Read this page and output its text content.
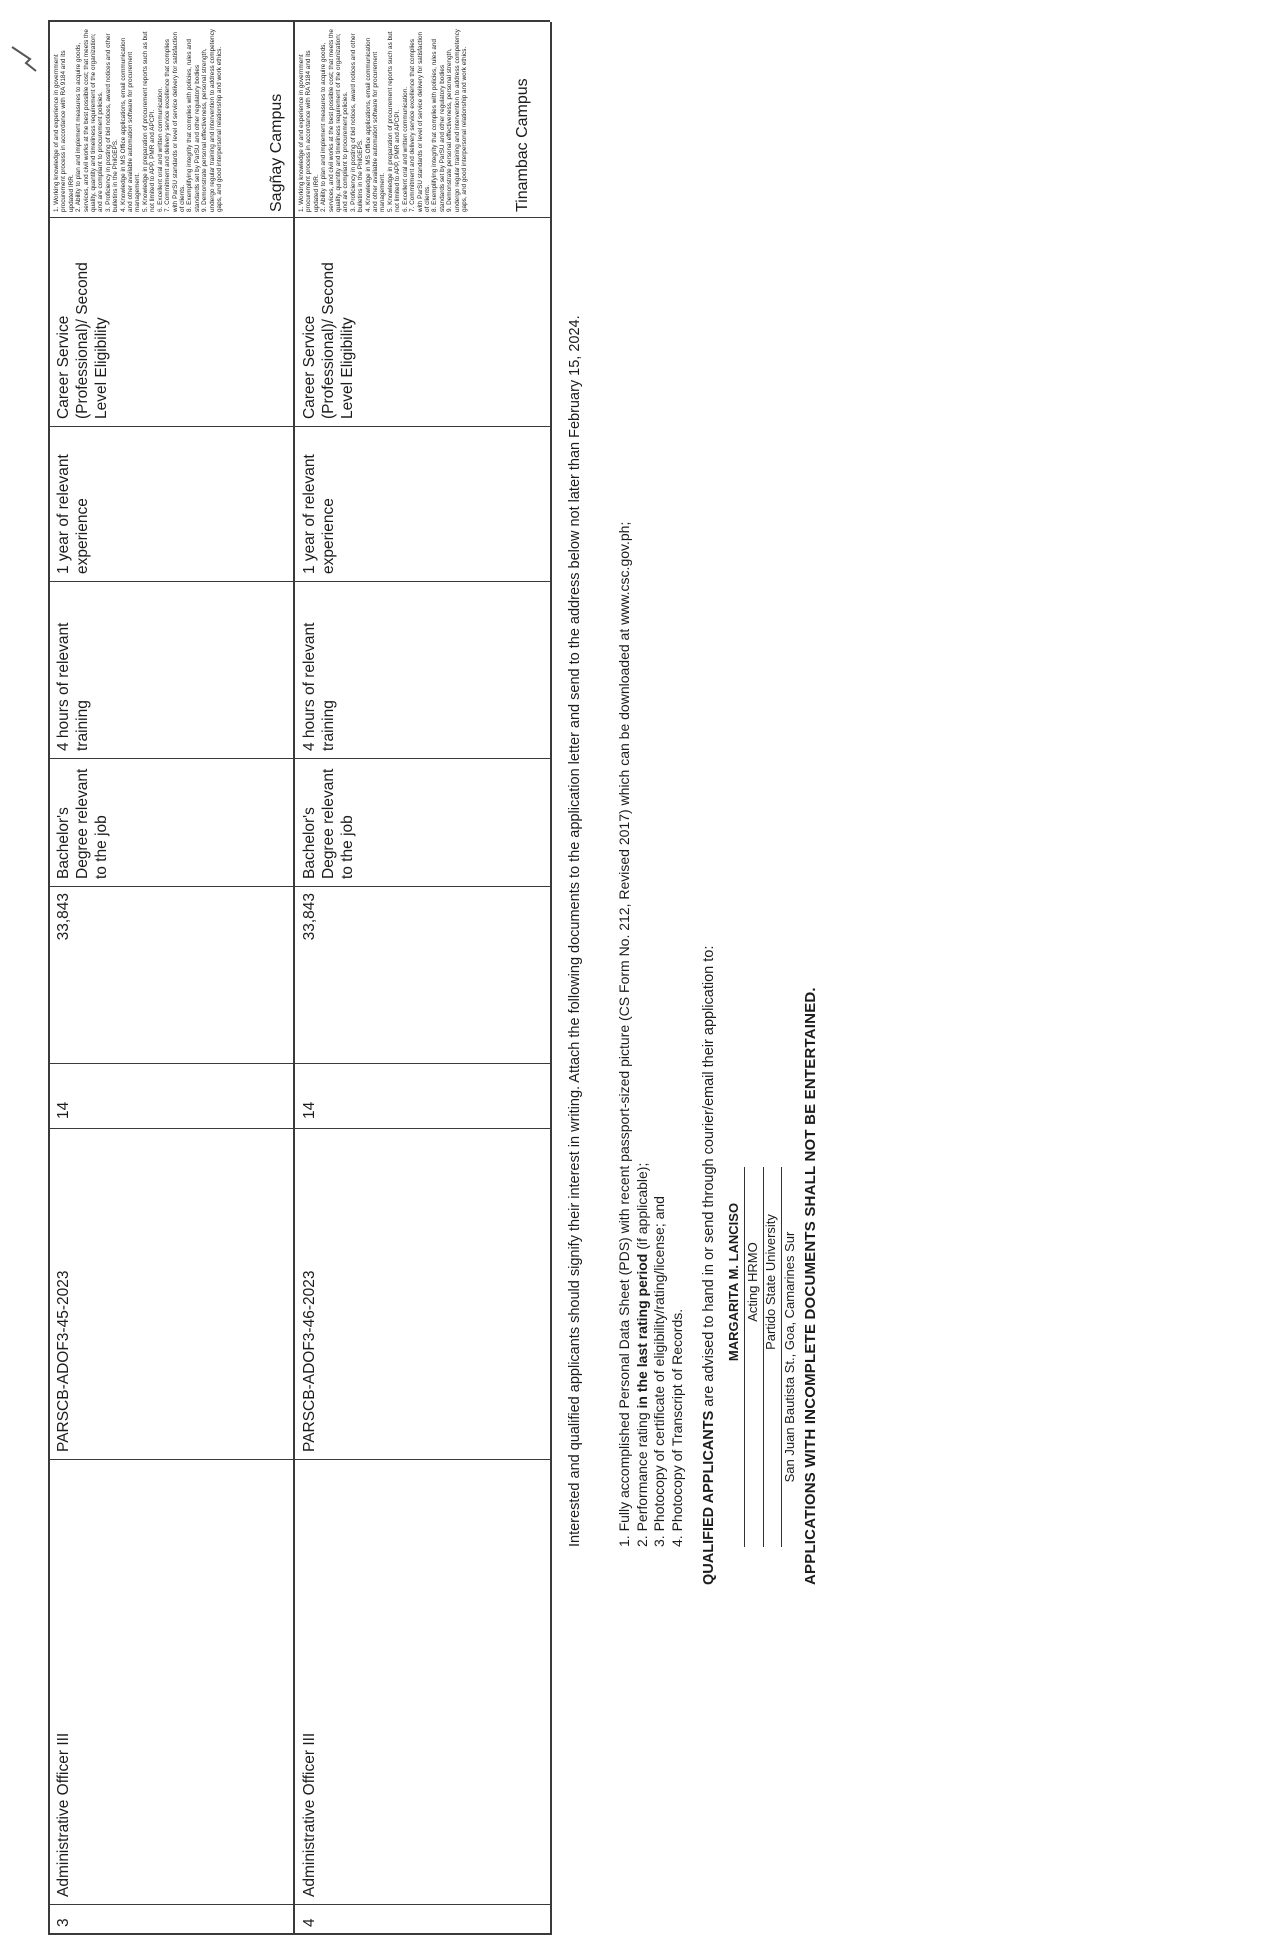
3
Administrative Officer III
PARSCB-ADOF3-45-2023
14
33,843
Bachelor's Degree relevant to the job
4 hours of relevant training
1 year of relevant experience
Career Service (Professional)/ Second Level Eligibility
Sagñay Campus
4
Administrative Officer III
PARSCB-ADOF3-46-2023
14
33,843
Bachelor's Degree relevant to the job
4 hours of relevant training
1 year of relevant experience
Career Service (Professional)/ Second Level Eligibility
Tinambac Campus
Interested and qualified applicants should signify their interest in writing. Attach the following documents to the application letter and send to the address below not later than February 15, 2024. 1. Fully accomplished Personal Data Sheet (PDS) with recent passport-sized picture (CS Form No. 212, Revised 2017) which can be downloaded at www.csc.gov.ph; 2. Performance rating in the last rating period (if applicable); 3. Photocopy of certificate of eligibility/rating/license; and 4. Photocopy of Transcript of Records. QUALIFIED APPLICANTS are advised to hand in or send through courier/email their application to: MARGARITA M. LANCISO Acting HRMO Partido State University San Juan Bautista St., Goa, Camarines Sur APPLICATIONS WITH INCOMPLETE DOCUMENTS SHALL NOT BE ENTERTAINED.
1. Working knowledge of and experience in government procurement process in accordance with RA 9184 and its updated IRR. 2. Ability to plan and implement measures to acquire goods, services, and civil works at the best possible cost; that meets the quality, quantity and timeliness requirement of the organization; and are compliant to procurement policies. 3. Proficiency in posting of bid notices, award notices and other bulletins in the PhilGEPS. 4. Knowledge in MS Office applications, email communication and other available automation software for procurement management. 5. Knowledge in preparation of procurement reports such as but not limited to APP, PMR and APCPI. 6. Excellent oral and written communication. 7. Commitment and delivery service excellence that complies with ParSU standards or level of service delivery for satisfaction of clients. 8. Exemplifying integrity that complies with policies, rules and standards set by ParSU and other regulatory bodies 9. Demonstrate personal effectiveness, personal strength, undergo regular training and intervention to address competency gaps, and good interpersonal relationship and work ethics.	1. Working knowledge of and experience in government procurement process in accordance with RA 9184 and its updated IRR. 2. Ability to plan and implement measures to acquire goods, services, and civil works at the best possible cost; that meets the quality, quantity and timeliness requirement of the organization; and are compliant to procurement policies. 3. Proficiency in posting of bid notices, award notices and other bulletins in the PhilGEPS. 4. Knowledge in MS Office applications, email communication and other available automation software for procurement management. 5. Knowledge in preparation of procurement reports such as but not limited to APP, PMR and APCPI. 6. Excellent oral and written communication. 7. Commitment and delivery service excellence that complies with ParSU standards or level of service delivery for satisfaction of clients. 8. Exemplifying integrity that complies with policies, rules and standards set by ParSU and other regulatory bodies 9. Demonstrate personal effectiveness, personal strength, undergo regular training and intervention to address competency gaps, and good interpersonal relationship and work ethics.
